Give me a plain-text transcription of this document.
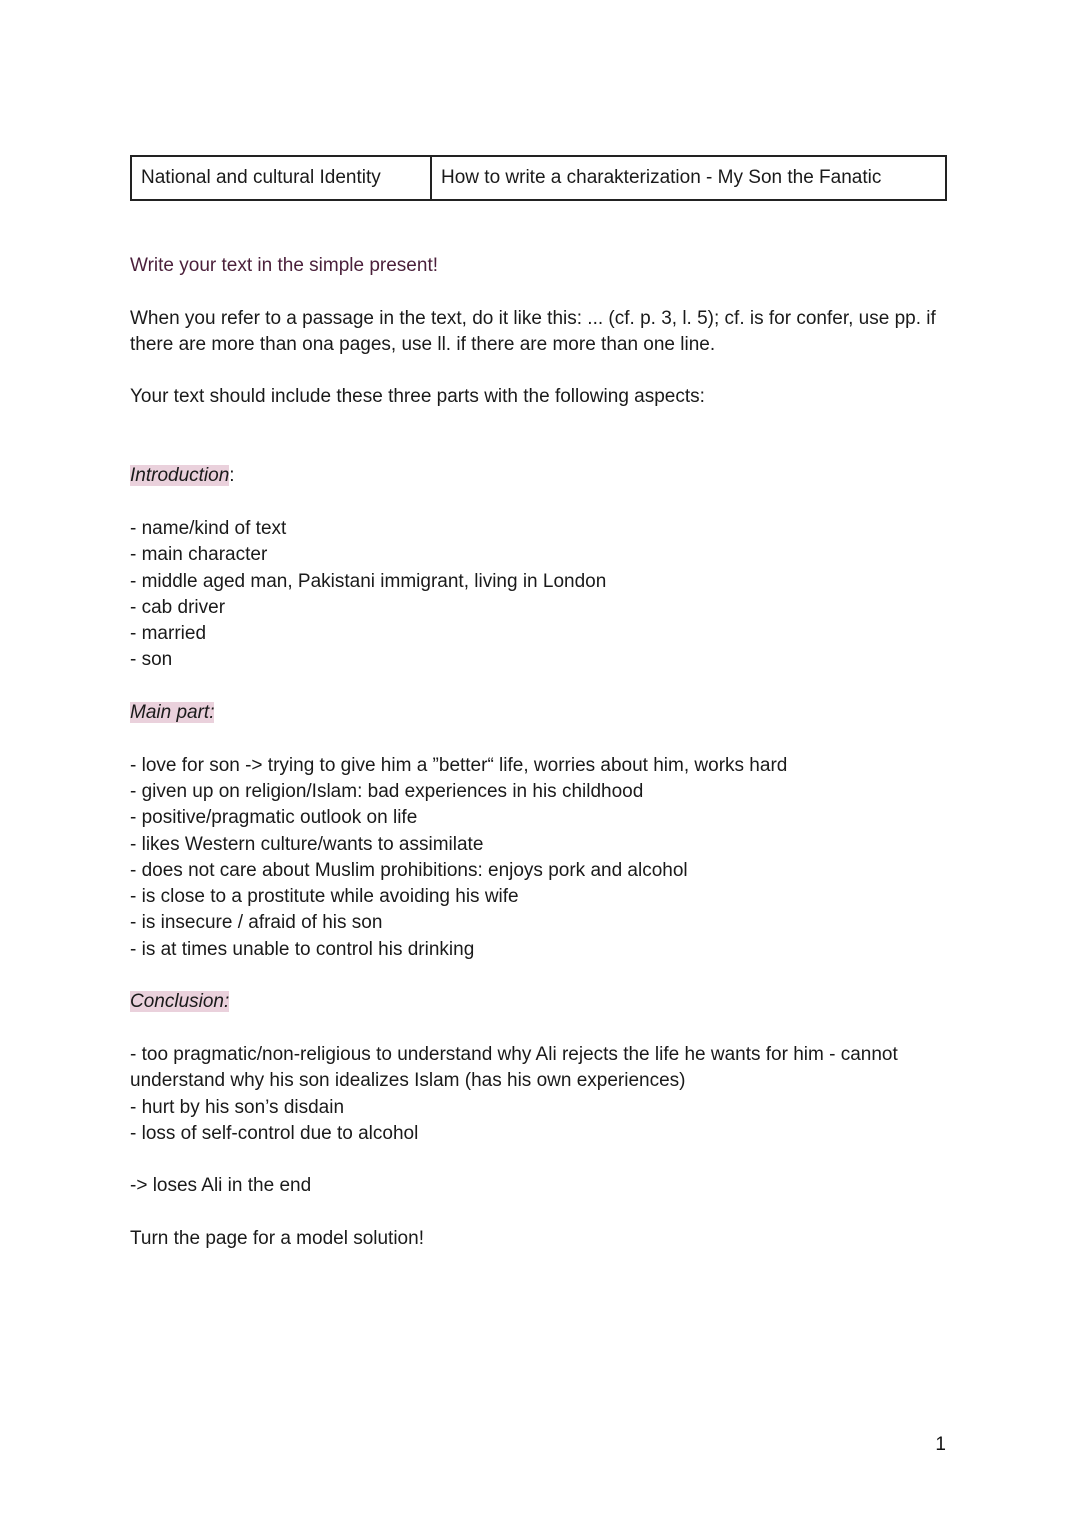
National and cultural Identity	How to write a charakterization - My Son the Fanatic

Write your text in the simple present!

When you refer to a passage in the text, do it like this: ... (cf. p. 3, l. 5); cf. is for confer, use pp. if there are more than ona pages, use ll. if there are more than one line.

Your text should include these three parts with the following aspects:

Introduction:

- name/kind of text
- main character
- middle aged man, Pakistani immigrant, living in London
- cab driver
- married
- son

Main part:

- love for son -> trying to give him a ”better“ life, worries about him, works hard
- given up on religion/Islam: bad experiences in his childhood
- positive/pragmatic outlook on life
- likes Western culture/wants to assimilate
- does not care about Muslim prohibitions: enjoys pork and alcohol
- is close to a prostitute while avoiding his wife
- is insecure / afraid of his son
- is at times unable to control his drinking

Conclusion:

- too pragmatic/non-religious to understand why Ali rejects the life he wants for him - cannot understand why his son idealizes Islam (has his own experiences)
- hurt by his son’s disdain
- loss of self-control due to alcohol

-> loses Ali in the end

Turn the page for a model solution!

1
